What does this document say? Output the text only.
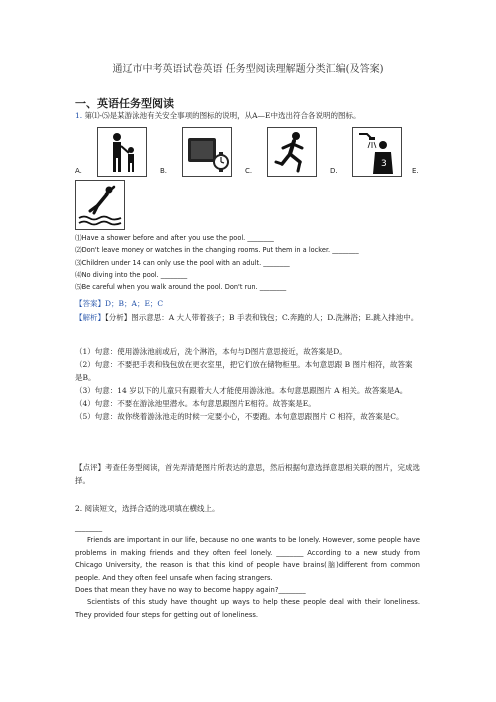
通辽市中考英语试卷英语 任务型阅读理解题分类汇编(及答案)
一、英语任务型阅读
1. 第⑴-⑸是某游泳池有关安全事项的图标的说明，从A—E中选出符合各说明的图标。
A.	B.	C.	D.
3
E.
⑴Have a shower before and after you use the pool. ________
⑵Don't leave money or watches in the changing rooms. Put them in a locker. ________
⑶Children under 14 can only use the pool with an adult. ________
⑷No diving into the pool. ________
⑸Be careful when you walk around the pool. Don't run. ________
【答案】D；B；A；E；C
【解析】【分析】图示意思：A 大人带着孩子；B 手表和钱包；C.奔跑的人；D.洗淋浴；E.跳入排池中。
（1）句意：使用游泳池前或后，洗个淋浴，本句与D图片意思接近，故答案是D。
（2）句意：不要把手表和钱包放在更衣室里，把它们放在储物柜里。本句意思跟 B 图片相符，故答案是B。
（3）句意：14 岁以下的儿童只有跟着大人才能使用游泳池。本句意思跟图片 A 相关。故答案是A。
（4）句意：不要在游泳池里潜水。本句意思跟图片E相符。故答案是E。
（5）句意：故你绕着游泳池走的时候一定要小心，不要跑。本句意思跟图片 C 相符，故答案是C。
【点评】考查任务型阅读，首先弄清楚图片所表达的意思，然后根据句意选择意思相关联的图片，完成选择。
2. 阅读短文，选择合适的选项填在横线上。
________

Friends are important in our life, because no one wants to be lonely. However, some people have problems in making friends and they often feel lonely. ________ According to a new study from Chicago University, the reason is that this kind of people have brains(脑)different from common people. And they often feel unsafe when facing strangers.

Does that mean they have no way to become happy again?________

Scientists of this study have thought up ways to help these people deal with their loneliness. They provided four steps for getting out of loneliness.
